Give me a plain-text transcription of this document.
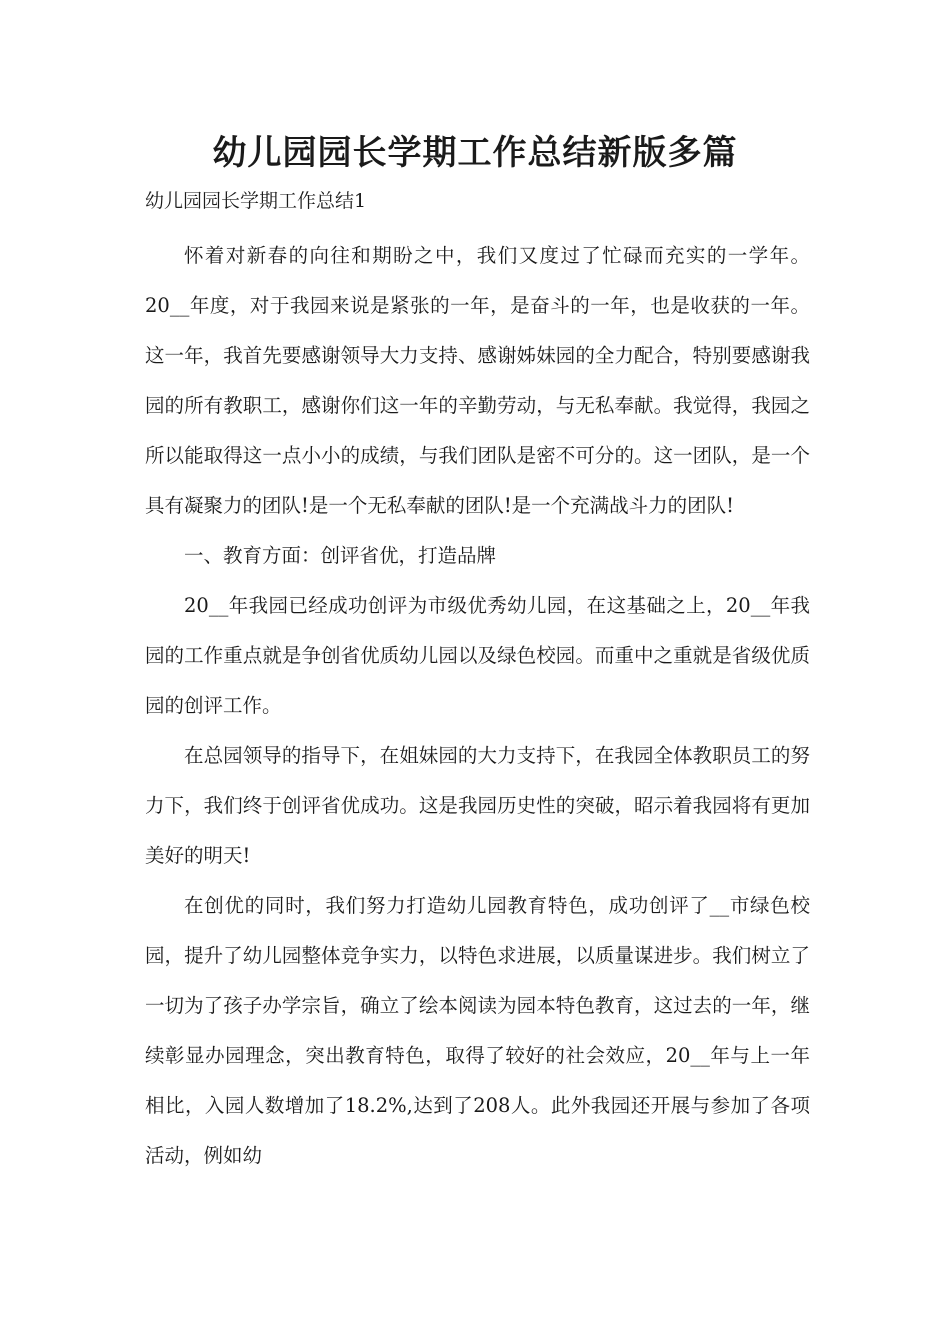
幼儿园园长学期工作总结新版多篇
幼儿园园长学期工作总结1

怀着对新春的向往和期盼之中，我们又度过了忙碌而充实的一学年。20__年度，对于我园来说是紧张的一年，是奋斗的一年，也是收获的一年。这一年，我首先要感谢领导大力支持、感谢姊妹园的全力配合，特别要感谢我园的所有教职工，感谢你们这一年的辛勤劳动，与无私奉献。我觉得，我园之所以能取得这一点小小的成绩，与我们团队是密不可分的。这一团队，是一个具有凝聚力的团队!是一个无私奉献的团队!是一个充满战斗力的团队!

一、教育方面：创评省优，打造品牌

20__年我园已经成功创评为市级优秀幼儿园，在这基础之上，20__年我园的工作重点就是争创省优质幼儿园以及绿色校园。而重中之重就是省级优质园的创评工作。

在总园领导的指导下，在姐妹园的大力支持下，在我园全体教职员工的努力下，我们终于创评省优成功。这是我园历史性的突破，昭示着我园将有更加美好的明天!

在创优的同时，我们努力打造幼儿园教育特色，成功创评了__市绿色校园，提升了幼儿园整体竞争实力，以特色求进展，以质量谋进步。我们树立了一切为了孩子办学宗旨，确立了绘本阅读为园本特色教育，这过去的一年，继续彰显办园理念，突出教育特色，取得了较好的社会效应，20__年与上一年相比，入园人数增加了18.2%,达到了208人。此外我园还开展与参加了各项活动，例如幼
